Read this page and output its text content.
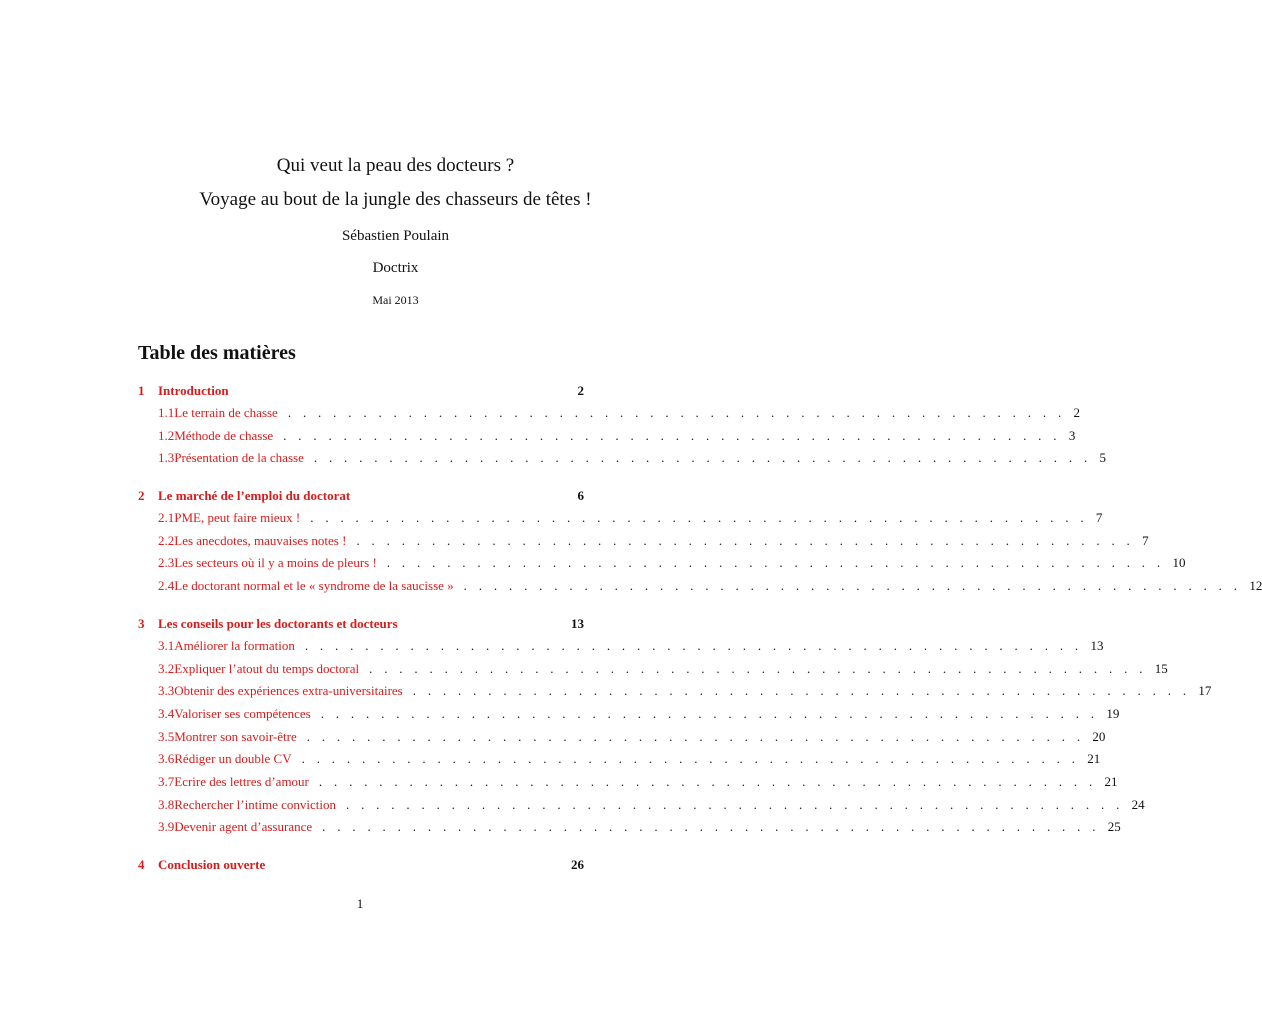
Qui veut la peau des docteurs ?
Voyage au bout de la jungle des chasseurs de têtes !
Sébastien Poulain
Doctrix
Mai 2013
Table des matières
1	Introduction	2
1.1 Le terrain de chasse . . . . . . . . . . . . . . . . . . . . . . . . . . . . . . . . . . . . . . . . . . . . . . . . . . . . 2
1.2 Méthode de chasse . . . . . . . . . . . . . . . . . . . . . . . . . . . . . . . . . . . . . . . . . . . . . . . . . . . . 3
1.3 Présentation de la chasse . . . . . . . . . . . . . . . . . . . . . . . . . . . . . . . . . . . . . . . . . . . . . . . . . . . . 5
2	Le marché de l’emploi du doctorat	6
2.1 PME, peut faire mieux ! . . . . . . . . . . . . . . . . . . . . . . . . . . . . . . . . . . . . . . . . . . . . . . . . . . . . 7
2.2 Les anecdotes, mauvaises notes ! . . . . . . . . . . . . . . . . . . . . . . . . . . . . . . . . . . . . . . . . . . . . . . . . . . . . 7
2.3 Les secteurs où il y a moins de pleurs ! . . . . . . . . . . . . . . . . . . . . . . . . . . . . . . . . . . . . . . . . . . . . . . . . . . . . 10
2.4 Le doctorant normal et le « syndrome de la saucisse » . . . . . . . . . . . . . . . . . . . . . . . . . . . . . . . . . . . . . . . . . . . . . . . . . . . . 12
3	Les conseils pour les doctorants et docteurs	13
3.1 Améliorer la formation . . . . . . . . . . . . . . . . . . . . . . . . . . . . . . . . . . . . . . . . . . . . . . . . . . . . 13
3.2 Expliquer l’atout du temps doctoral . . . . . . . . . . . . . . . . . . . . . . . . . . . . . . . . . . . . . . . . . . . . . . . . . . . . 15
3.3 Obtenir des expériences extra-universitaires . . . . . . . . . . . . . . . . . . . . . . . . . . . . . . . . . . . . . . . . . . . . . . . . . . . . 17
3.4 Valoriser ses compétences . . . . . . . . . . . . . . . . . . . . . . . . . . . . . . . . . . . . . . . . . . . . . . . . . . . . 19
3.5 Montrer son savoir-être . . . . . . . . . . . . . . . . . . . . . . . . . . . . . . . . . . . . . . . . . . . . . . . . . . . . 20
3.6 Rédiger un double CV . . . . . . . . . . . . . . . . . . . . . . . . . . . . . . . . . . . . . . . . . . . . . . . . . . . . 21
3.7 Ecrire des lettres d’amour . . . . . . . . . . . . . . . . . . . . . . . . . . . . . . . . . . . . . . . . . . . . . . . . . . . . 21
3.8 Rechercher l’intime conviction . . . . . . . . . . . . . . . . . . . . . . . . . . . . . . . . . . . . . . . . . . . . . . . . . . . . 24
3.9 Devenir agent d’assurance . . . . . . . . . . . . . . . . . . . . . . . . . . . . . . . . . . . . . . . . . . . . . . . . . . . . 25
4	Conclusion ouverte	26
1
